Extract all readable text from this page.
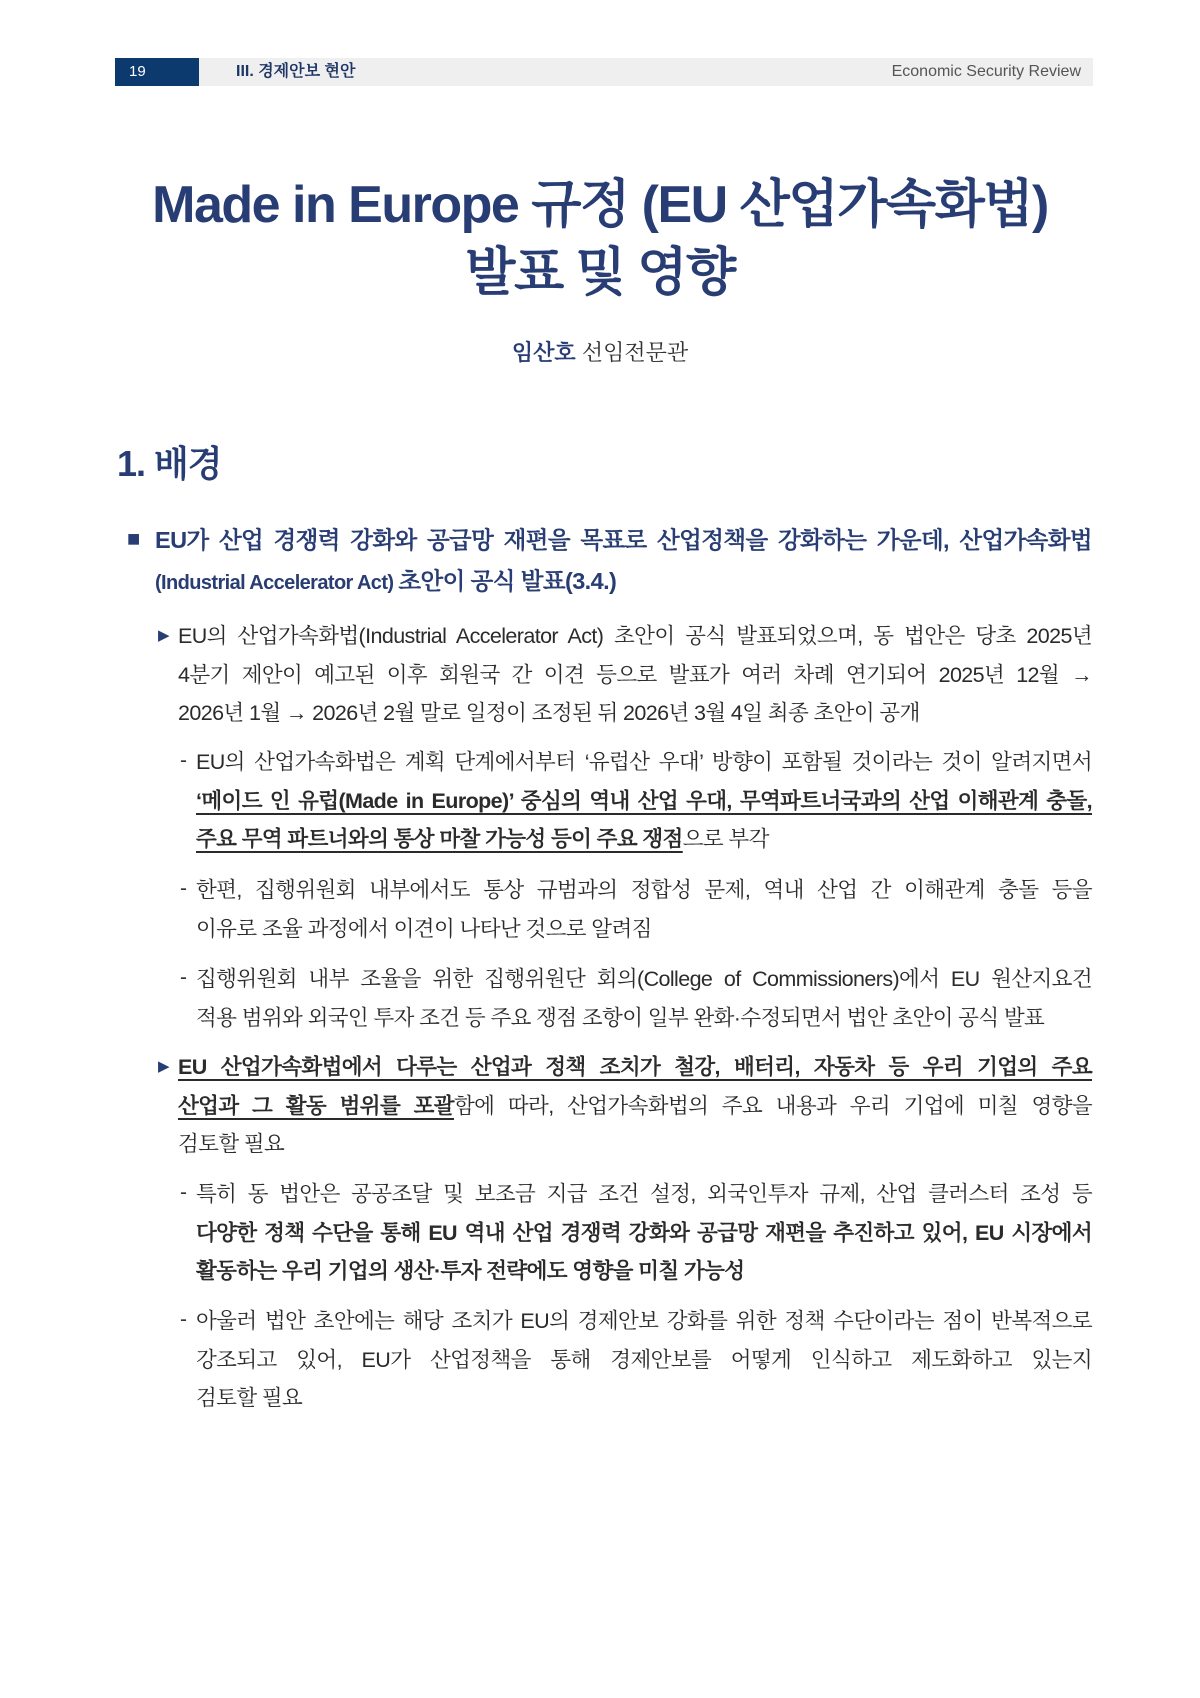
19	III. 경제안보 현안	Economic Security Review
Made in Europe 규정 (EU 산업가속화법)
발표 및 영향
임산호 선임전문관
1. 배경
■ EU가 산업 경쟁력 강화와 공급망 재편을 목표로 산업정책을 강화하는 가운데, 산업가속화법
(Industrial Accelerator Act) 초안이 공식 발표(3.4.)
▶ EU의 산업가속화법(Industrial Accelerator Act) 초안이 공식 발표되었으며, 동 법안은 당초 2025년
4분기 제안이 예고된 이후 회원국 간 이견 등으로 발표가 여러 차례 연기되어 2025년 12월 →
2026년 1월 → 2026년 2월 말로 일정이 조정된 뒤 2026년 3월 4일 최종 초안이 공개
- EU의 산업가속화법은 계획 단계에서부터 ‘유럽산 우대’ 방향이 포함될 것이라는 것이 알려지면서
‘메이드 인 유럽(Made in Europe)’ 중심의 역내 산업 우대, 무역파트너국과의 산업 이해관계 충돌,
주요 무역 파트너와의 통상 마찰 가능성 등이 주요 쟁점으로 부각
- 한편, 집행위원회 내부에서도 통상 규범과의 정합성 문제, 역내 산업 간 이해관계 충돌 등을
이유로 조율 과정에서 이견이 나타난 것으로 알려짐
- 집행위원회 내부 조율을 위한 집행위원단 회의(College of Commissioners)에서 EU 원산지요건
적용 범위와 외국인 투자 조건 등 주요 쟁점 조항이 일부 완화·수정되면서 법안 초안이 공식 발표
▶ EU 산업가속화법에서 다루는 산업과 정책 조치가 철강, 배터리, 자동차 등 우리 기업의 주요
산업과 그 활동 범위를 포괄함에 따라, 산업가속화법의 주요 내용과 우리 기업에 미칠 영향을
검토할 필요
- 특히 동 법안은 공공조달 및 보조금 지급 조건 설정, 외국인투자 규제, 산업 클러스터 조성 등
다양한 정책 수단을 통해 EU 역내 산업 경쟁력 강화와 공급망 재편을 추진하고 있어, EU 시장에서
활동하는 우리 기업의 생산·투자 전략에도 영향을 미칠 가능성
- 아울러 법안 초안에는 해당 조치가 EU의 경제안보 강화를 위한 정책 수단이라는 점이 반복적으로
강조되고 있어, EU가 산업정책을 통해 경제안보를 어떻게 인식하고 제도화하고 있는지
검토할 필요
